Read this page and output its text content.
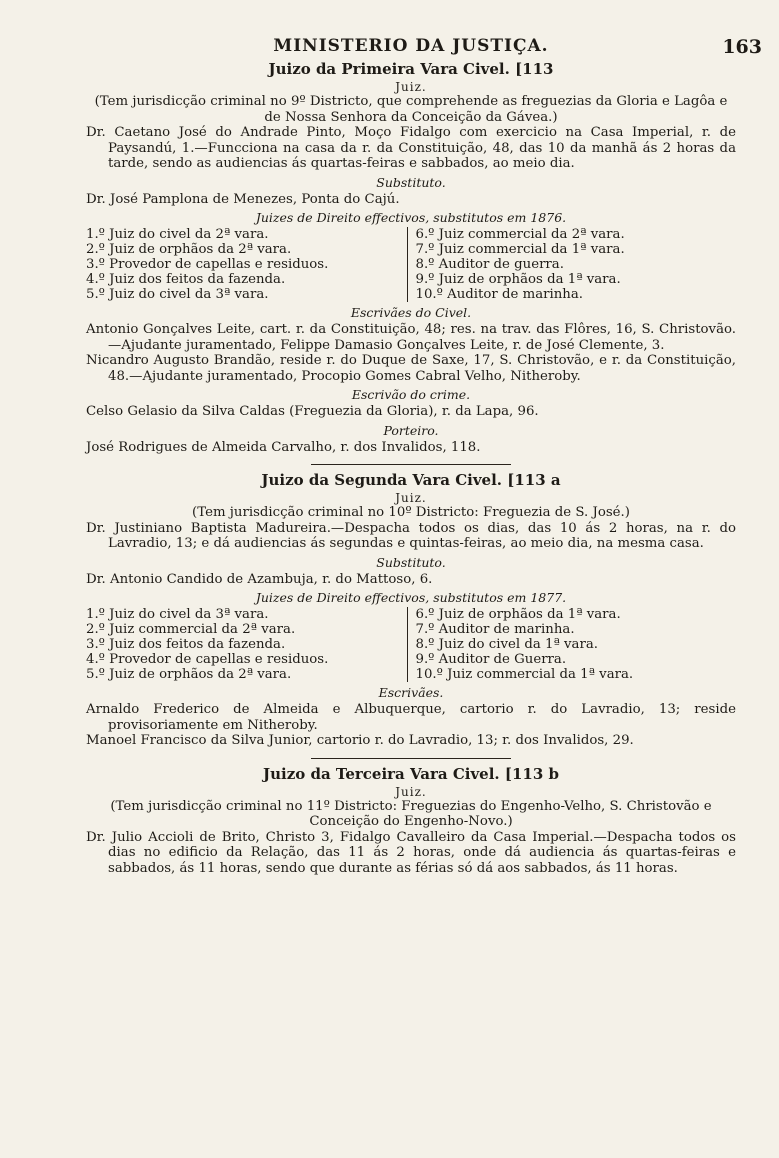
MINISTERIO DA JUSTIÇA.	163
Juizo da Primeira Vara Civel. [113
Juiz.

(Tem jurisdicção criminal no 9º Districto, que comprehende as freguezias da Gloria e Lagôa e de Nossa Senhora da Conceição da Gávea.)

Dr. Caetano José do Andrade Pinto, Moço Fidalgo com exercicio na Casa Imperial, r. de Paysandú, 1.—Funcciona na casa da r. da Constituição, 48, das 10 da manhã ás 2 horas da tarde, sendo as audiencias ás quartas-feiras e sabbados, ao meio dia.

Substituto.

Dr. José Pamplona de Menezes, Ponta do Cajú.

Juizes de Direito effectivos, substitutos em 1876.
1.º Juiz do civel da 2ª vara.
2.º Juiz de orphãos da 2ª vara.
3.º Provedor de capellas e residuos.
4.º Juiz dos feitos da fazenda.
5.º Juiz do civel da 3ª vara.
6.º Juiz commercial da 2ª vara.
7.º Juiz commercial da 1ª vara.
8.º Auditor de guerra.
9.º Juiz de orphãos da 1ª vara.
10.º Auditor de marinha.
Escrivães do Civel.

Antonio Gonçalves Leite, cart. r. da Constituição, 48; res. na trav. das Flôres, 16, S. Christovão.—Ajudante juramentado, Felippe Damasio Gonçalves Leite, r. de José Clemente, 3.

Nicandro Augusto Brandão, reside r. do Duque de Saxe, 17, S. Christovão, e r. da Constituição, 48.—Ajudante juramentado, Procopio Gomes Cabral Velho, Nitheroby.

Escrivão do crime.

Celso Gelasio da Silva Caldas (Freguezia da Gloria), r. da Lapa, 96.

Porteiro.

José Rodrigues de Almeida Carvalho, r. dos Invalidos, 118.

Juizo da Segunda Vara Civel. [113 a
Juiz.

(Tem jurisdicção criminal no 10º Districto: Freguezia de S. José.)

Dr. Justiniano Baptista Madureira.—Despacha todos os dias, das 10 ás 2 horas, na r. do Lavradio, 13; e dá audiencias ás segundas e quintas-feiras, ao meio dia, na mesma casa.

Substituto.

Dr. Antonio Candido de Azambuja, r. do Mattoso, 6.

Juizes de Direito effectivos, substitutos em 1877.
1.º Juiz do civel da 3ª vara.
2.º Juiz commercial da 2ª vara.
3.º Juiz dos feitos da fazenda.
4.º Provedor de capellas e residuos.
5.º Juiz de orphãos da 2ª vara.
6.º Juiz de orphãos da 1ª vara.
7.º Auditor de marinha.
8.º Juiz do civel da 1ª vara.
9.º Auditor de Guerra.
10.º Juiz commercial da 1ª vara.
Escrivães.

Arnaldo Frederico de Almeida e Albuquerque, cartorio r. do Lavradio, 13; reside provisoriamente em Nitheroby.

Manoel Francisco da Silva Junior, cartorio r. do Lavradio, 13; r. dos Invalidos, 29.

Juizo da Terceira Vara Civel. [113 b
Juiz.

(Tem jurisdicção criminal no 11º Districto: Freguezias do Engenho-Velho, S. Christovão e Conceição do Engenho-Novo.)

Dr. Julio Accioli de Brito, Christo 3, Fidalgo Cavalleiro da Casa Imperial.—Despacha todos os dias no edificio da Relação, das 11 ás 2 horas, onde dá audiencia ás quartas-feiras e sabbados, ás 11 horas, sendo que durante as férias só dá aos sabbados, ás 11 horas.
